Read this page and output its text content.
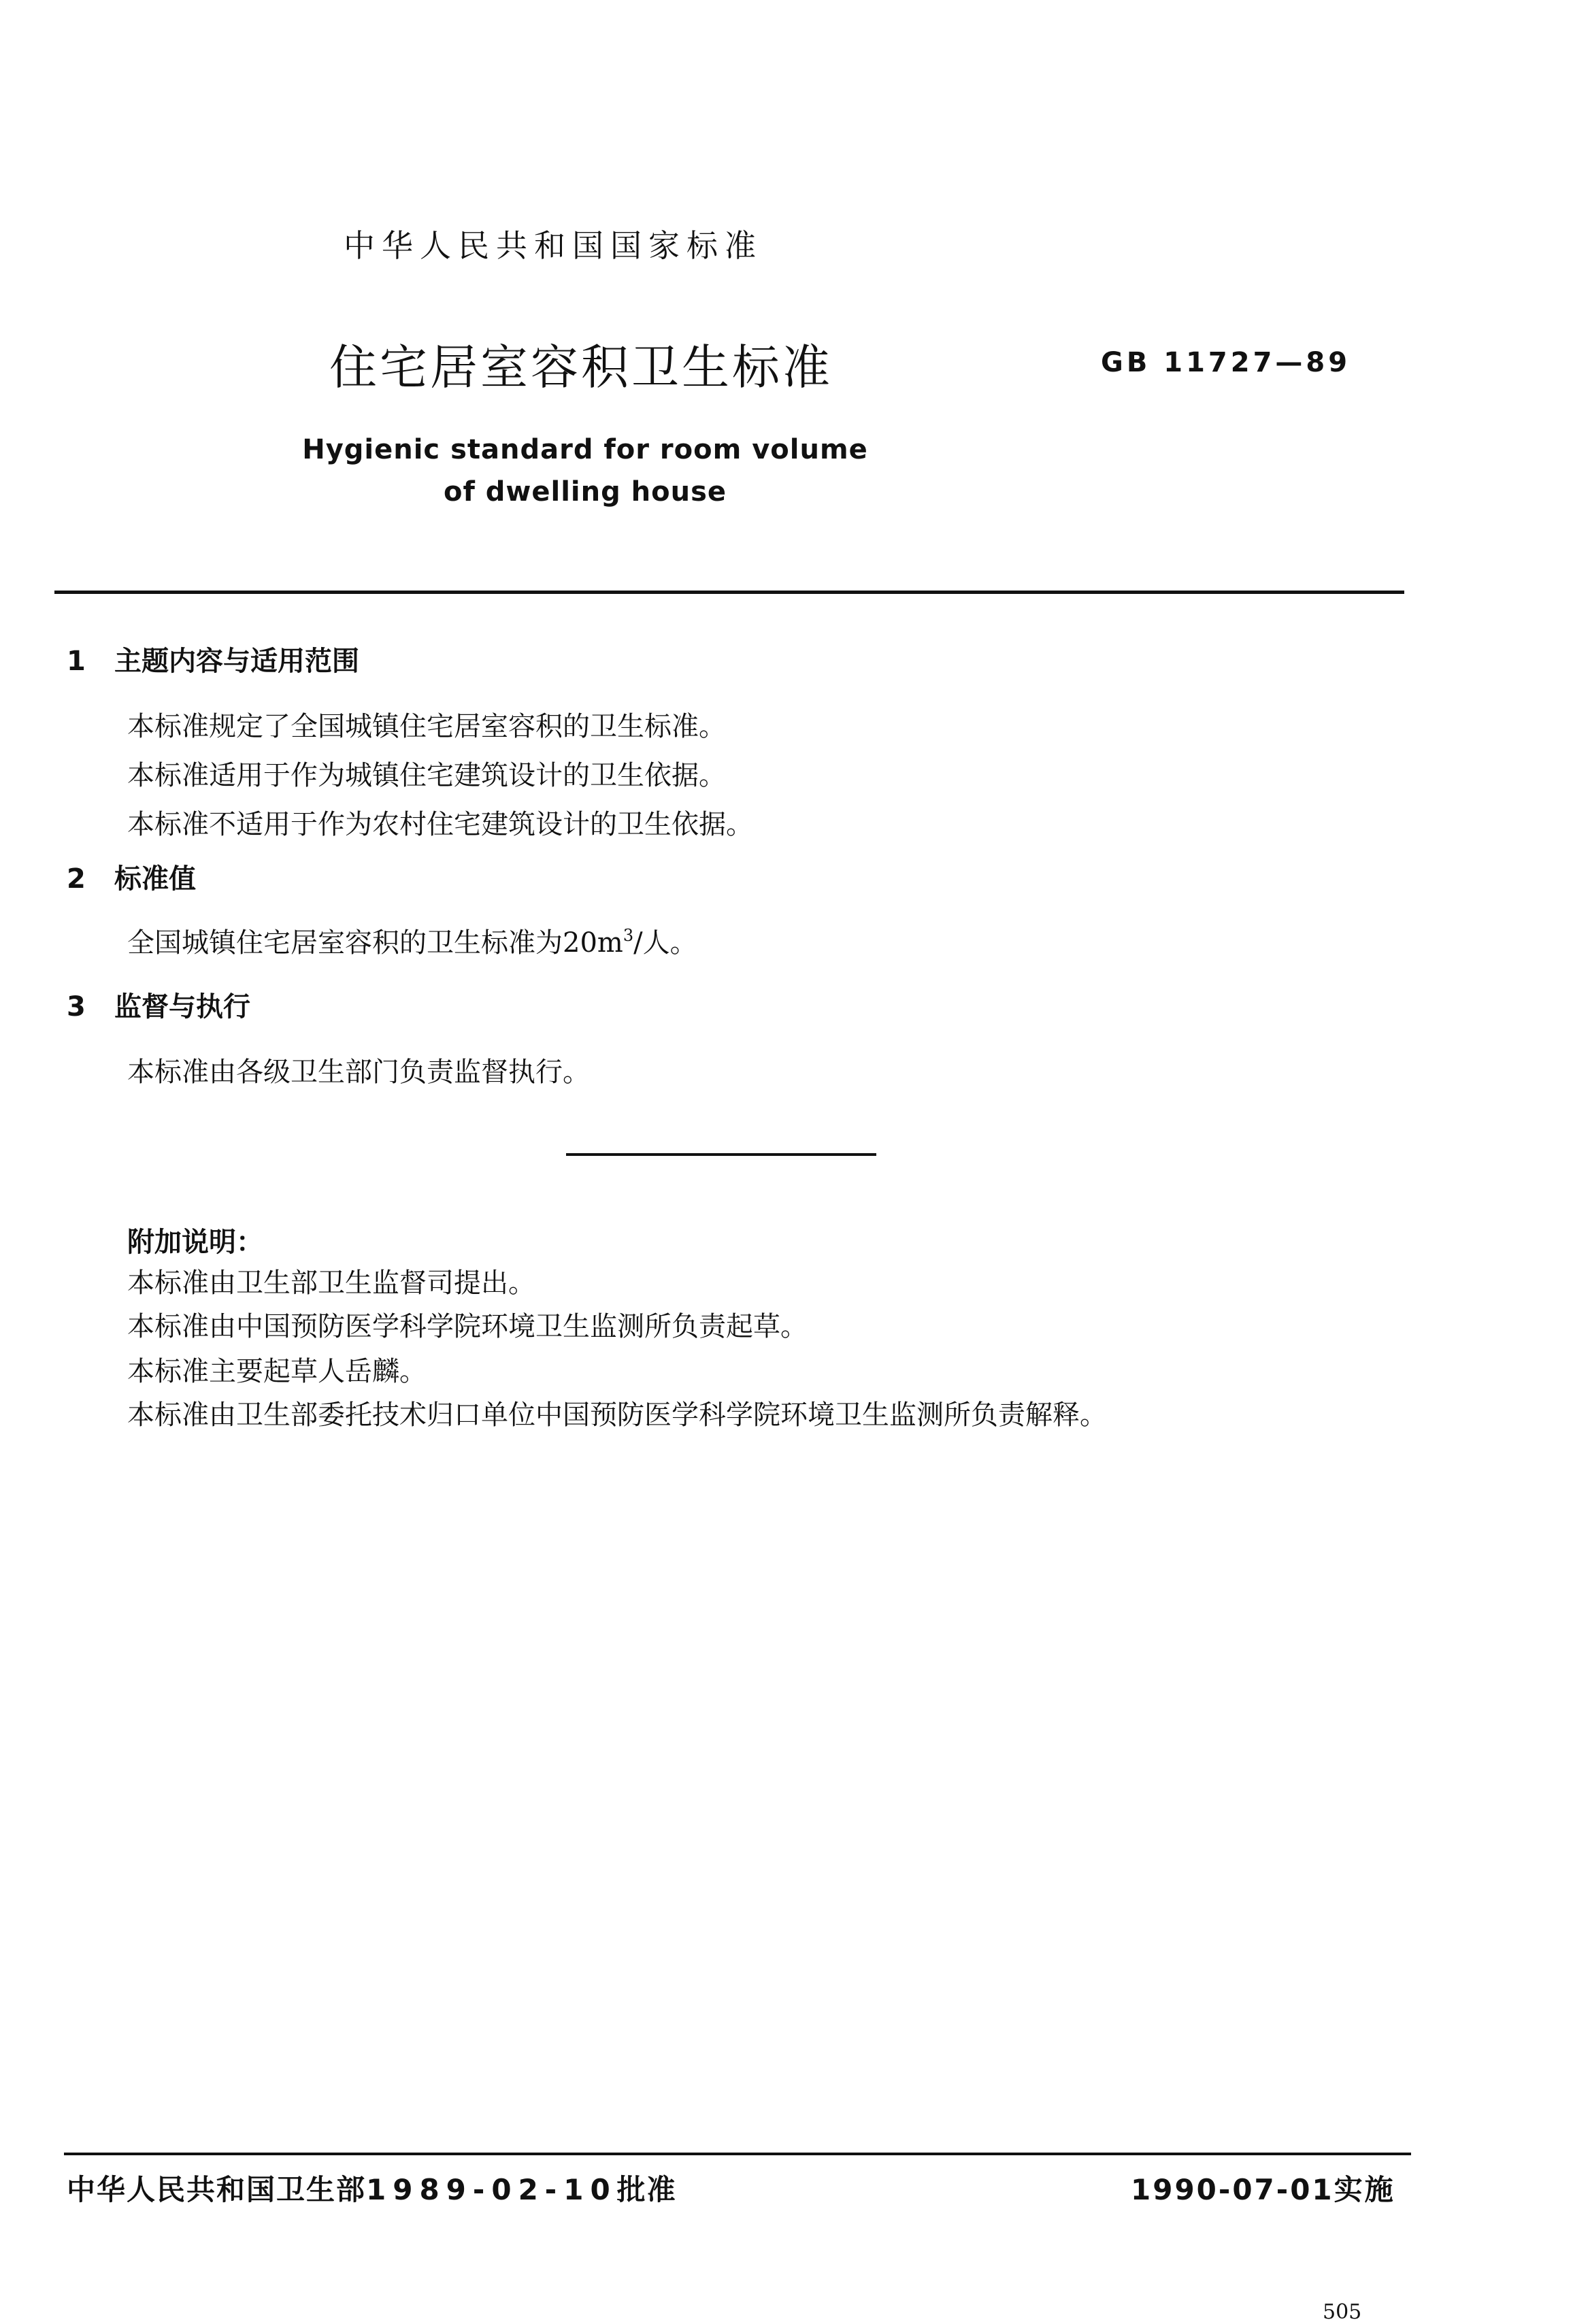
中华人民共和国国家标准
住宅居室容积卫生标准	GB 11727—89
Hygienic standard for room volume
of dwelling house
1 主题内容与适用范围
本标准规定了全国城镇住宅居室容积的卫生标准。
本标准适用于作为城镇住宅建筑设计的卫生依据。
本标准不适用于作为农村住宅建筑设计的卫生依据。
2 标准值
全国城镇住宅居室容积的卫生标准为$20m^3/$人。
3 监督与执行
本标准由各级卫生部门负责监督执行。
附加说明：
本标准由卫生部卫生监督司提出。
本标准由中国预防医学科学院环境卫生监测所负责起草。
本标准主要起草人岳麟。
本标准由卫生部委托技术归口单位中国预防医学科学院环境卫生监测所负责解释。
中华人民共和国卫生部1989-02-10批准	1990-07-01实施
505
